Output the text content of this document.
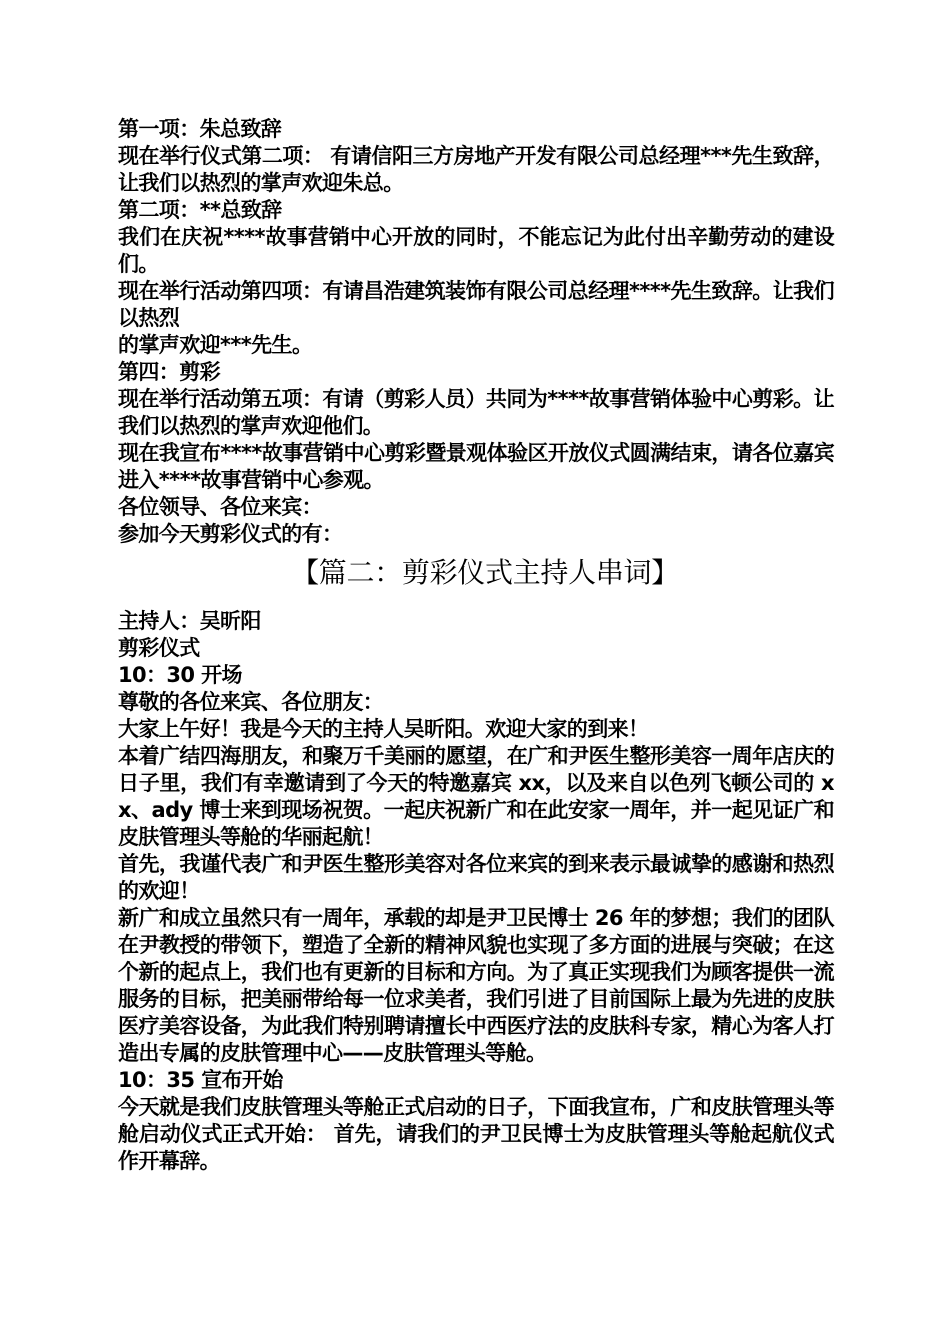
第一项：朱总致辞
现在举行仪式第二项： 有请信阳三方房地产开发有限公司总经理***先生致辞，让我们以热烈的掌声欢迎朱总。
第二项：**总致辞
我们在庆祝****故事营销中心开放的同时，不能忘记为此付出辛勤劳动的建设们。
现在举行活动第四项：有请昌浩建筑装饰有限公司总经理****先生致辞。让我们以热烈
的掌声欢迎***先生。
第四：剪彩
现在举行活动第五项：有请（剪彩人员）共同为****故事营销体验中心剪彩。让我们以热烈的掌声欢迎他们。
现在我宣布****故事营销中心剪彩暨景观体验区开放仪式圆满结束，请各位嘉宾 进入****故事营销中心参观。
各位领导、各位来宾：
参加今天剪彩仪式的有：
【篇二：剪彩仪式主持人串词】
主持人：吴昕阳
剪彩仪式
10：30 开场
尊敬的各位来宾、各位朋友：
大家上午好！我是今天的主持人吴昕阳。欢迎大家的到来！
本着广结四海朋友，和聚万千美丽的愿望，在广和尹医生整形美容一周年店庆的日子里，我们有幸邀请到了今天的特邀嘉宾 xx，以及来自以色列飞顿公司的 xx、ady 博士来到现场祝贺。一起庆祝新广和在此安家一周年，并一起见证广和皮肤管理头等舱的华丽起航！
首先，我谨代表广和尹医生整形美容对各位来宾的到来表示最诚挚的感谢和热烈的欢迎！
新广和成立虽然只有一周年，承载的却是尹卫民博士 26 年的梦想；我们的团队在尹教授的带领下，塑造了全新的精神风貌也实现了多方面的进展与突破；在这个新的起点上，我们也有更新的目标和方向。为了真正实现我们为顾客提供一流服务的目标，把美丽带给每一位求美者，我们引进了目前国际上最为先进的皮肤医疗美容设备，为此我们特别聘请擅长中西医疗法的皮肤科专家，精心为客人打造出专属的皮肤管理中心——皮肤管理头等舱。
10：35 宣布开始
今天就是我们皮肤管理头等舱正式启动的日子，下面我宣布，广和皮肤管理头等舱启动仪式正式开始： 首先，请我们的尹卫民博士为皮肤管理头等舱起航仪式作开幕辞。
